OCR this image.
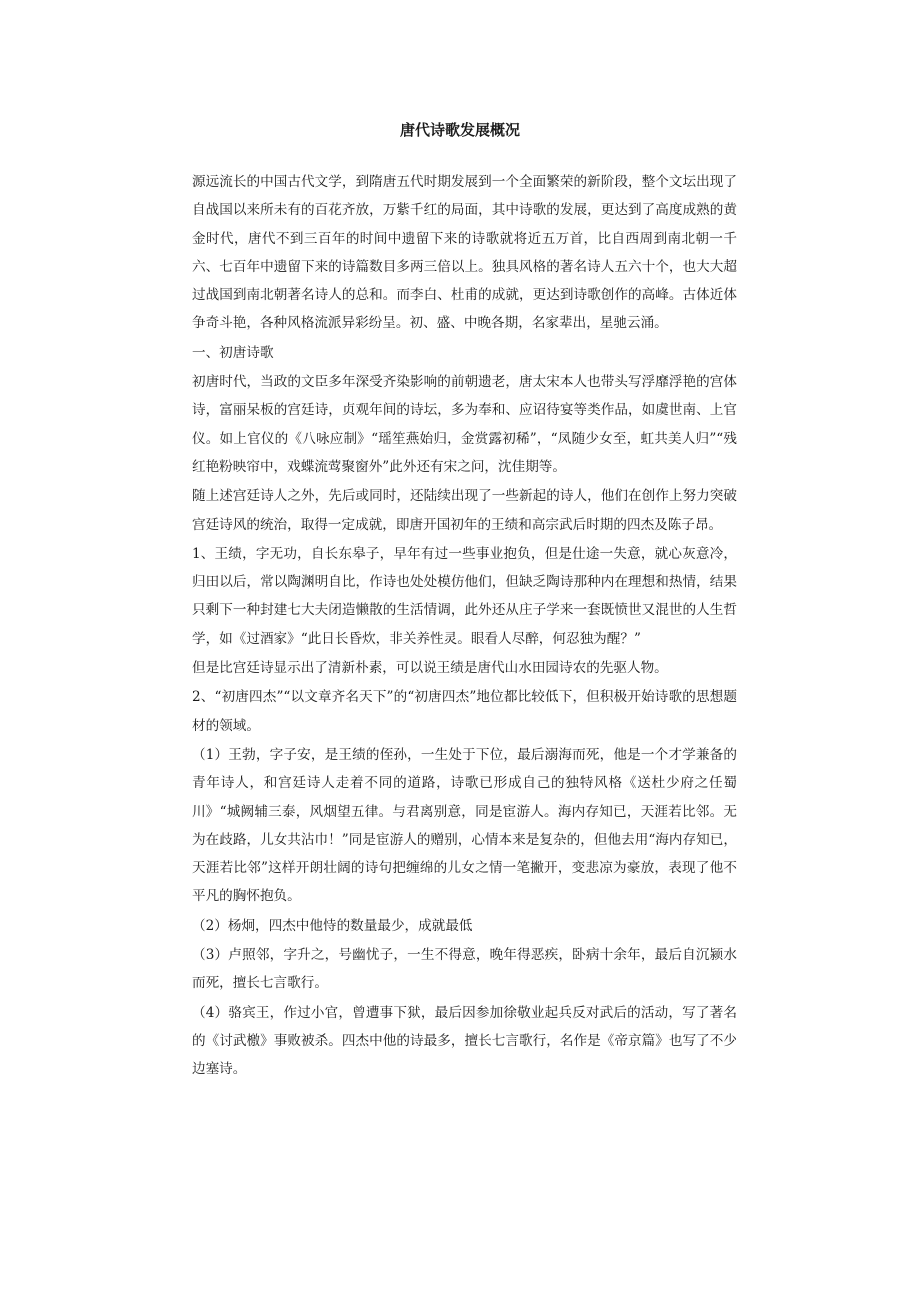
唐代诗歌发展概况

源远流长的中国古代文学，到隋唐五代时期发展到一个全面繁荣的新阶段，整个文坛出现了自战国以来所未有的百花齐放，万紫千红的局面，其中诗歌的发展，更达到了高度成熟的黄金时代，唐代不到三百年的时间中遗留下来的诗歌就将近五万首，比自西周到南北朝一千六、七百年中遗留下来的诗篇数目多两三倍以上。独具风格的著名诗人五六十个，也大大超过战国到南北朝著名诗人的总和。而李白、杜甫的成就，更达到诗歌创作的高峰。古体近体争奇斗艳，各种风格流派异彩纷呈。初、盛、中晚各期，名家辈出，星驰云涌。

一、初唐诗歌

初唐时代，当政的文臣多年深受齐染影响的前朝遗老，唐太宋本人也带头写浮靡浮艳的宫体诗，富丽呆板的宫廷诗，贞观年间的诗坛，多为奉和、应诏待宴等类作品，如虞世南、上官仪。如上官仪的《八咏应制》“瑶笙燕始归，金赏露初稀”，“凤随少女至，虹共美人归”“残红艳粉映帘中，戏蝶流莺聚窗外”此外还有宋之问，沈佳期等。

随上述宫廷诗人之外，先后或同时，还陆续出现了一些新起的诗人，他们在创作上努力突破宫廷诗风的统治，取得一定成就，即唐开国初年的王绩和高宗武后时期的四杰及陈子昂。

1、王绩，字无功，自长东皋子，早年有过一些事业抱负，但是仕途一失意，就心灰意冷，归田以后，常以陶渊明自比，作诗也处处模仿他们，但缺乏陶诗那种内在理想和热情，结果只剩下一种封建七大夫闭造懒散的生活情调，此外还从庄子学来一套既愤世又混世的人生哲学，如《过酒家》“此日长昏炊，非关养性灵。眼看人尽醉，何忍独为醒？”

但是比宫廷诗显示出了清新朴素，可以说王绩是唐代山水田园诗农的先驱人物。

2、“初唐四杰”“以文章齐名天下”的“初唐四杰”地位都比较低下，但积极开始诗歌的思想题材的领域。

（1）王勃，字子安，是王绩的侄孙，一生处于下位，最后溺海而死，他是一个才学兼备的青年诗人，和宫廷诗人走着不同的道路，诗歌已形成自己的独特风格《送杜少府之任蜀川》“城阙辅三泰，风烟望五律。与君离别意，同是宦游人。海内存知已，天涯若比邻。无为在歧路，儿女共沾巾！”同是宦游人的赠别，心情本来是复杂的，但他去用“海内存知已，天涯若比邻”这样开朗壮阔的诗句把缠绵的儿女之情一笔撇开，变悲凉为豪放，表现了他不平凡的胸怀抱负。

（2）杨炯，四杰中他恃的数量最少，成就最低

（3）卢照邻，字升之，号幽忧子，一生不得意，晚年得恶疾，卧病十余年，最后自沉颍水而死，擅长七言歌行。

（4）骆宾王，作过小官，曾遭事下狱，最后因参加徐敬业起兵反对武后的活动，写了著名的《讨武檄》事败被杀。四杰中他的诗最多，擅长七言歌行，名作是《帝京篇》也写了不少边塞诗。
